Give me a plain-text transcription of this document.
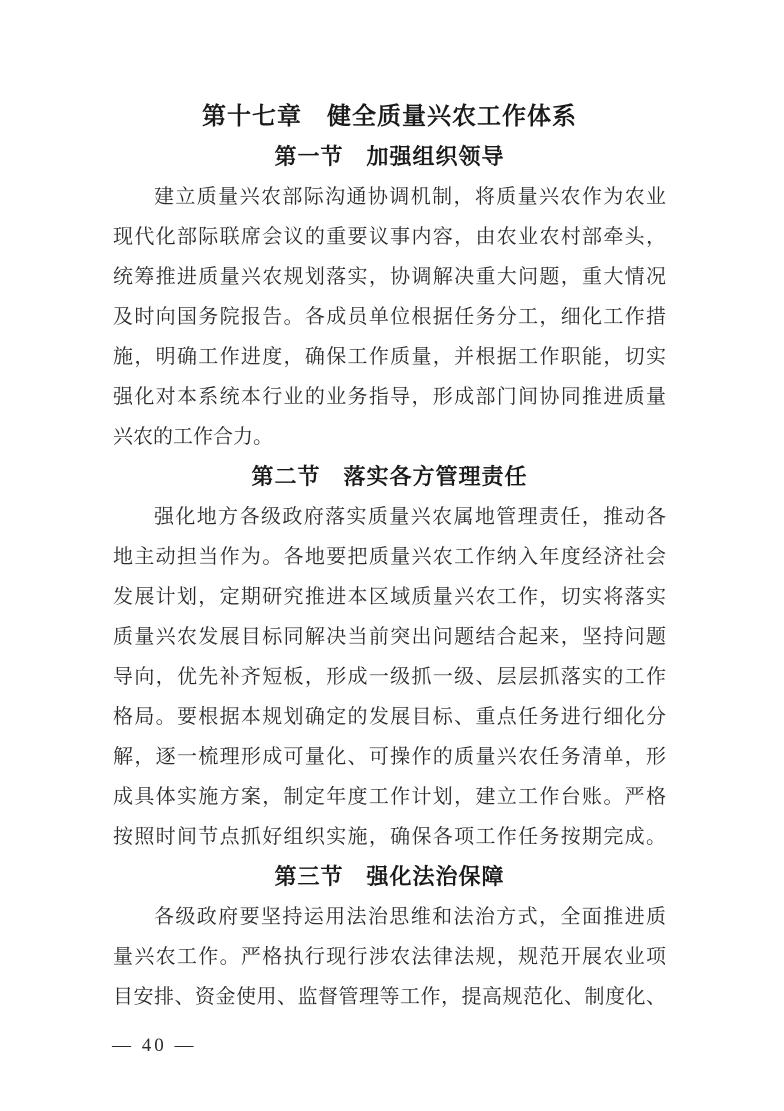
第十七章　健全质量兴农工作体系
第一节　加强组织领导
建立质量兴农部际沟通协调机制，将质量兴农作为农业
现代化部际联席会议的重要议事内容，由农业农村部牵头，
统筹推进质量兴农规划落实，协调解决重大问题，重大情况
及时向国务院报告。各成员单位根据任务分工，细化工作措
施，明确工作进度，确保工作质量，并根据工作职能，切实
强化对本系统本行业的业务指导，形成部门间协同推进质量
兴农的工作合力。
第二节　落实各方管理责任
强化地方各级政府落实质量兴农属地管理责任，推动各
地主动担当作为。各地要把质量兴农工作纳入年度经济社会
发展计划，定期研究推进本区域质量兴农工作，切实将落实
质量兴农发展目标同解决当前突出问题结合起来，坚持问题
导向，优先补齐短板，形成一级抓一级、层层抓落实的工作
格局。要根据本规划确定的发展目标、重点任务进行细化分
解，逐一梳理形成可量化、可操作的质量兴农任务清单，形
成具体实施方案，制定年度工作计划，建立工作台账。严格
按照时间节点抓好组织实施，确保各项工作任务按期完成。
第三节　强化法治保障
各级政府要坚持运用法治思维和法治方式，全面推进质
量兴农工作。严格执行现行涉农法律法规，规范开展农业项
目安排、资金使用、监督管理等工作，提高规范化、制度化、
— 40 —
